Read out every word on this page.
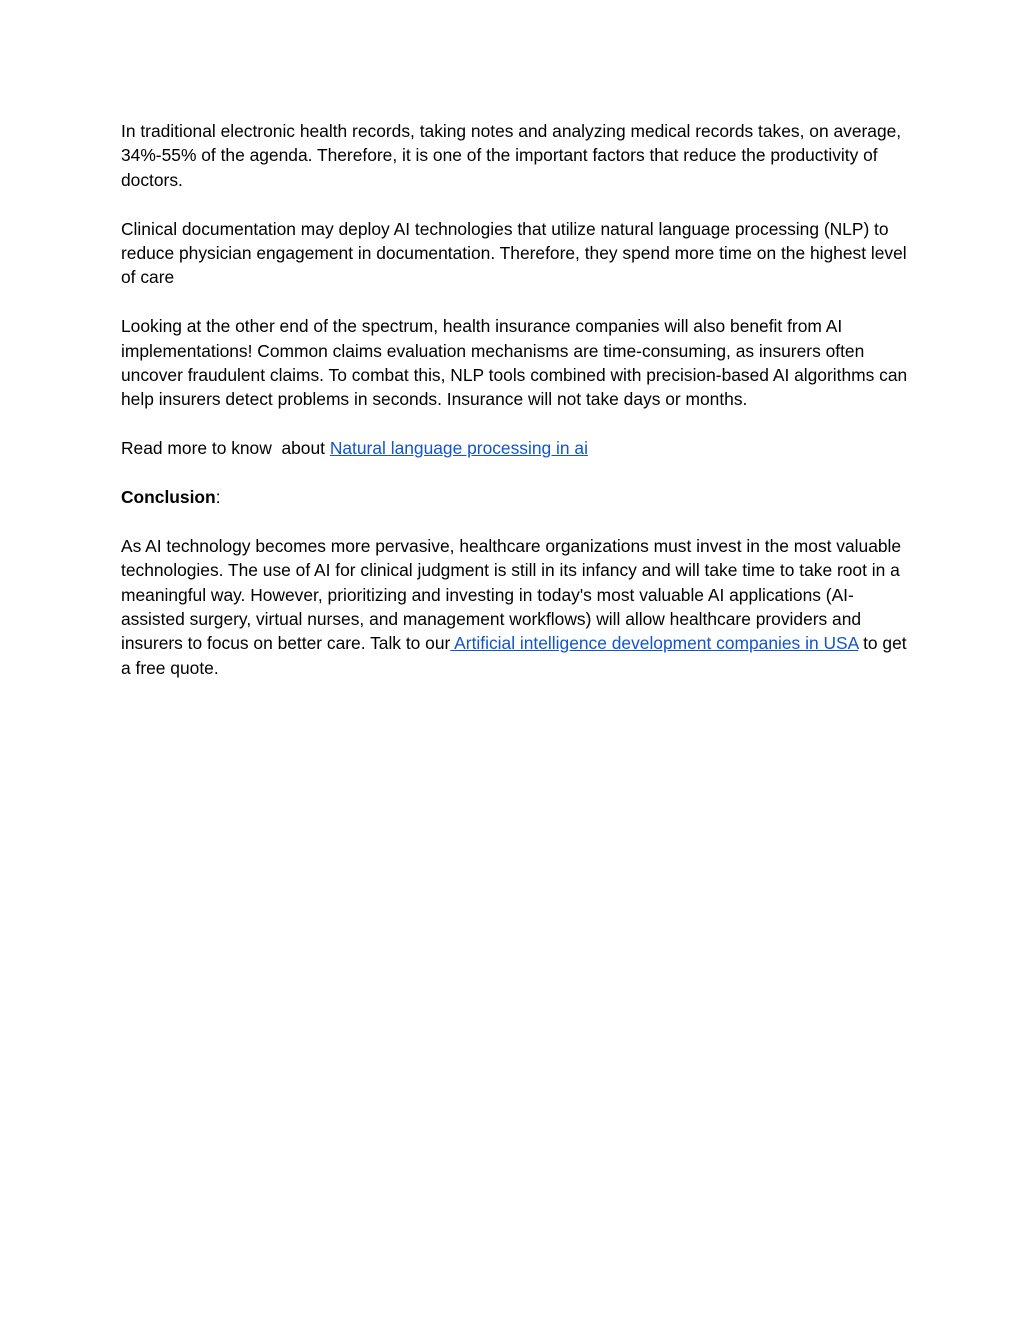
In traditional electronic health records, taking notes and analyzing medical records takes, on average, 34%-55% of the agenda. Therefore, it is one of the important factors that reduce the productivity of doctors.

Clinical documentation may deploy AI technologies that utilize natural language processing (NLP) to reduce physician engagement in documentation. Therefore, they spend more time on the highest level of care

Looking at the other end of the spectrum, health insurance companies will also benefit from AI implementations! Common claims evaluation mechanisms are time-consuming, as insurers often uncover fraudulent claims. To combat this, NLP tools combined with precision-based AI algorithms can help insurers detect problems in seconds. Insurance will not take days or months.

Read more to know  about Natural language processing in ai

Conclusion:

As AI technology becomes more pervasive, healthcare organizations must invest in the most valuable technologies. The use of AI for clinical judgment is still in its infancy and will take time to take root in a meaningful way. However, prioritizing and investing in today's most valuable AI applications (AI-assisted surgery, virtual nurses, and management workflows) will allow healthcare providers and insurers to focus on better care. Talk to our Artificial intelligence development companies in USA to get a free quote.
